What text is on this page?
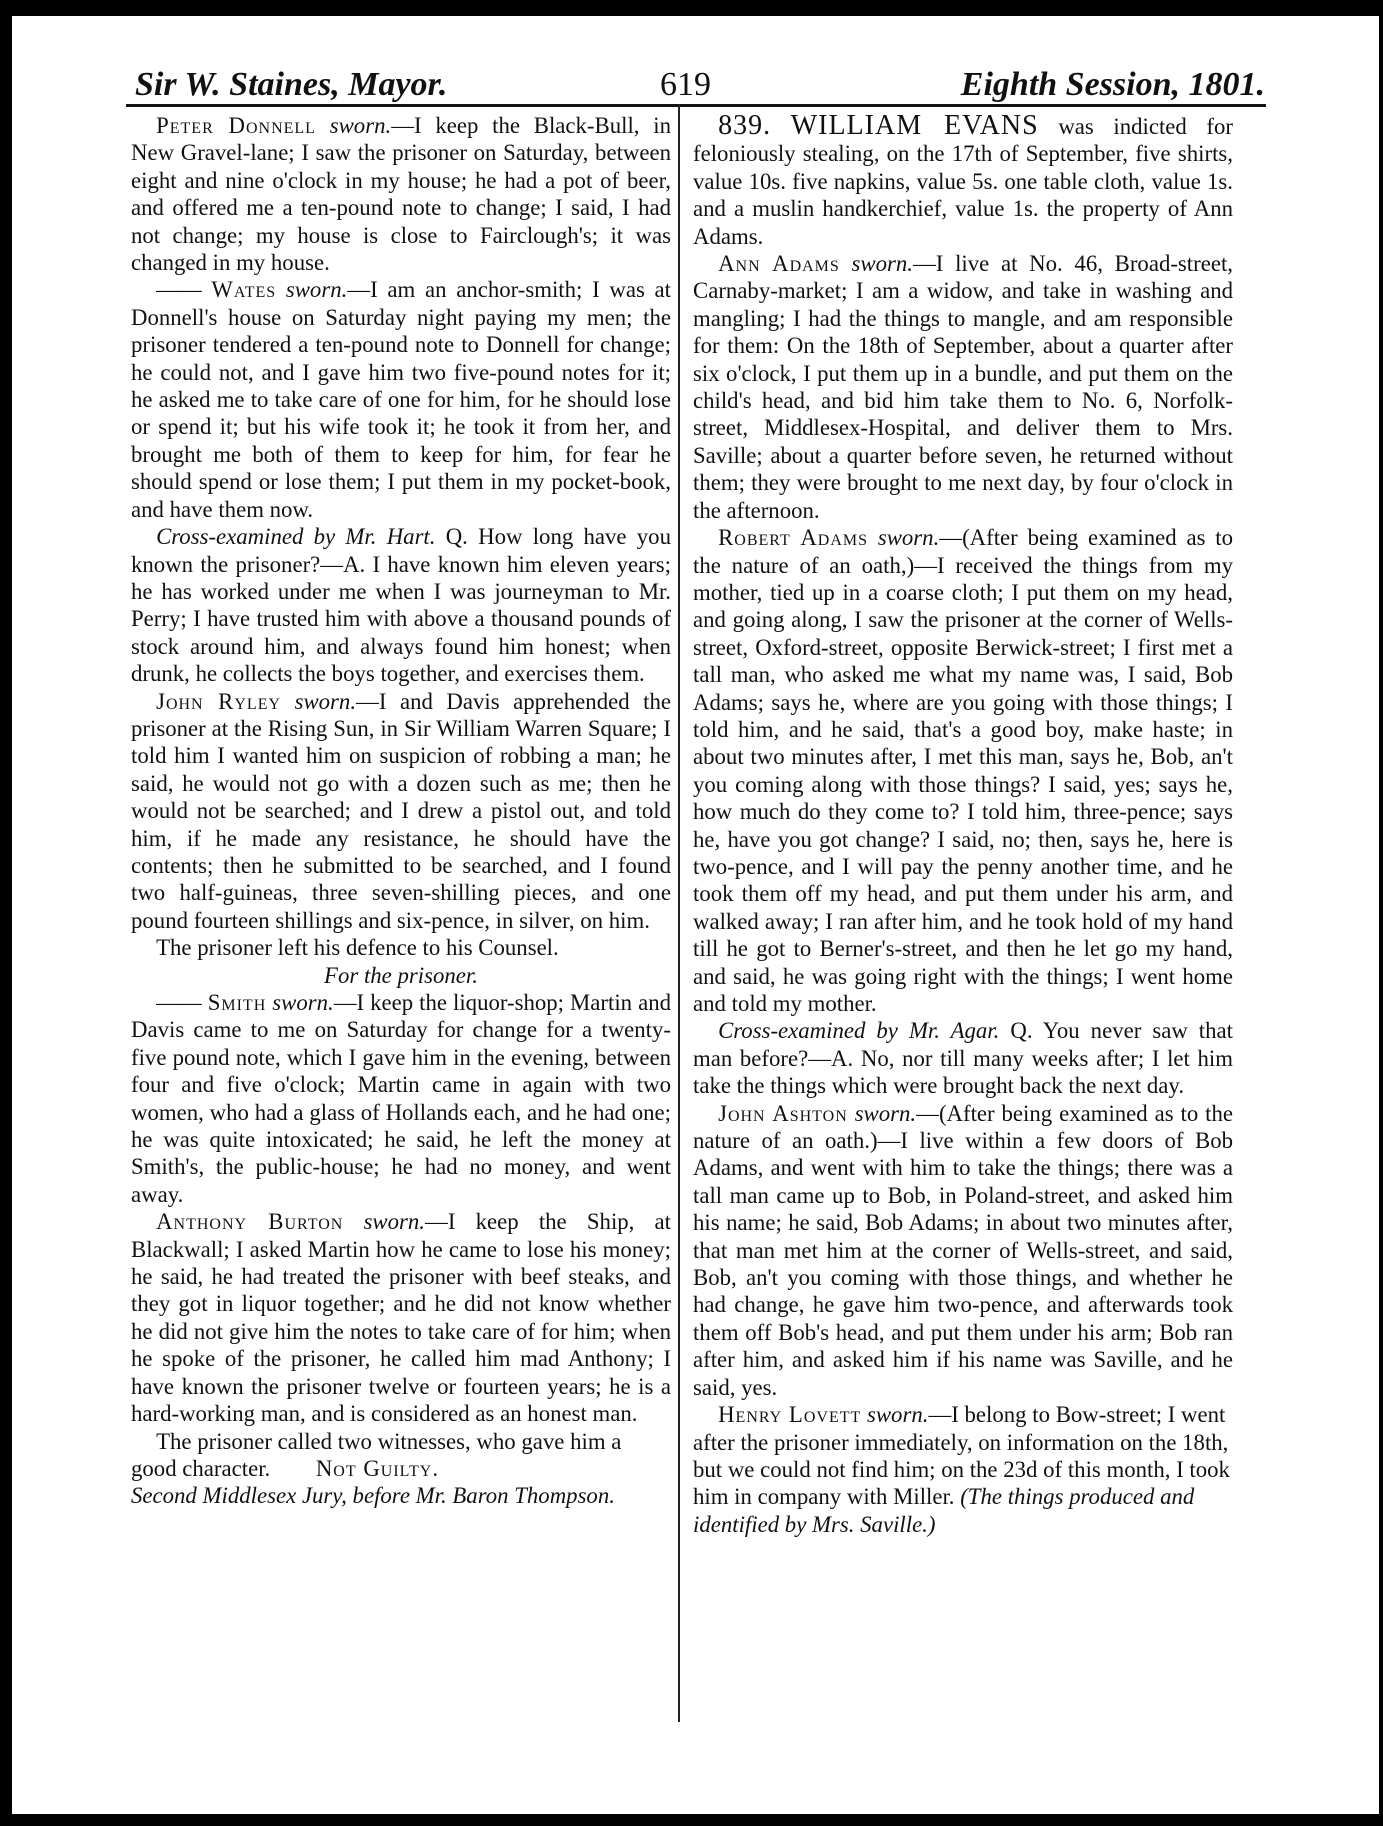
Sir W. Staines, Mayor.	619	Eighth Session, 1801.

Peter Donnell sworn.—I keep the Black-Bull, in New Gravel-lane; I saw the prisoner on Saturday, between eight and nine o'clock in my house; he had a pot of beer, and offered me a ten-pound note to change; I said, I had not change; my house is close to Fairclough's; it was changed in my house.

—— Wates sworn.—I am an anchor-smith; I was at Donnell's house on Saturday night paying my men; the prisoner tendered a ten-pound note to Donnell for change; he could not, and I gave him two five-pound notes for it; he asked me to take care of one for him, for he should lose or spend it; but his wife took it; he took it from her, and brought me both of them to keep for him, for fear he should spend or lose them; I put them in my pocket-book, and have them now.

Cross-examined by Mr. Hart. Q. How long have you known the prisoner?—A. I have known him eleven years; he has worked under me when I was journeyman to Mr. Perry; I have trusted him with above a thousand pounds of stock around him, and always found him honest; when drunk, he collects the boys together, and exercises them.

John Ryley sworn.—I and Davis apprehended the prisoner at the Rising Sun, in Sir William Warren Square; I told him I wanted him on suspicion of robbing a man; he said, he would not go with a dozen such as me; then he would not be searched; and I drew a pistol out, and told him, if he made any resistance, he should have the contents; then he submitted to be searched, and I found two half-guineas, three seven-shilling pieces, and one pound fourteen shillings and six-pence, in silver, on him.

The prisoner left his defence to his Counsel.

For the prisoner.

—— Smith sworn.—I keep the liquor-shop; Martin and Davis came to me on Saturday for change for a twenty-five pound note, which I gave him in the evening, between four and five o'clock; Martin came in again with two women, who had a glass of Hollands each, and he had one; he was quite intoxicated; he said, he left the money at Smith's, the public-house; he had no money, and went away.

Anthony Burton sworn.—I keep the Ship, at Blackwall; I asked Martin how he came to lose his money; he said, he had treated the prisoner with beef steaks, and they got in liquor together; and he did not know whether he did not give him the notes to take care of for him; when he spoke of the prisoner, he called him mad Anthony; I have known the prisoner twelve or fourteen years; he is a hard-working man, and is considered as an honest man.

The prisoner called two witnesses, who gave him a good character. Not Guilty.

Second Middlesex Jury, before Mr. Baron Thompson.

839. WILLIAM EVANS was indicted for feloniously stealing, on the 17th of September, five shirts, value 10s. five napkins, value 5s. one table cloth, value 1s. and a muslin handkerchief, value 1s. the property of Ann Adams.

Ann Adams sworn.—I live at No. 46, Broad-street, Carnaby-market; I am a widow, and take in washing and mangling; I had the things to mangle, and am responsible for them: On the 18th of September, about a quarter after six o'clock, I put them up in a bundle, and put them on the child's head, and bid him take them to No. 6, Norfolk-street, Middlesex-Hospital, and deliver them to Mrs. Saville; about a quarter before seven, he returned without them; they were brought to me next day, by four o'clock in the afternoon.

Robert Adams sworn.—(After being examined as to the nature of an oath,)—I received the things from my mother, tied up in a coarse cloth; I put them on my head, and going along, I saw the prisoner at the corner of Wells-street, Oxford-street, opposite Berwick-street; I first met a tall man, who asked me what my name was, I said, Bob Adams; says he, where are you going with those things; I told him, and he said, that's a good boy, make haste; in about two minutes after, I met this man, says he, Bob, an't you coming along with those things? I said, yes; says he, how much do they come to? I told him, three-pence; says he, have you got change? I said, no; then, says he, here is two-pence, and I will pay the penny another time, and he took them off my head, and put them under his arm, and walked away; I ran after him, and he took hold of my hand till he got to Berner's-street, and then he let go my hand, and said, he was going right with the things; I went home and told my mother.

Cross-examined by Mr. Agar. Q. You never saw that man before?—A. No, nor till many weeks after; I let him take the things which were brought back the next day.

John Ashton sworn.—(After being examined as to the nature of an oath.)—I live within a few doors of Bob Adams, and went with him to take the things; there was a tall man came up to Bob, in Poland-street, and asked him his name; he said, Bob Adams; in about two minutes after, that man met him at the corner of Wells-street, and said, Bob, an't you coming with those things, and whether he had change, he gave him two-pence, and afterwards took them off Bob's head, and put them under his arm; Bob ran after him, and asked him if his name was Saville, and he said, yes.

Henry Lovett sworn.—I belong to Bow-street; I went after the prisoner immediately, on information on the 18th, but we could not find him; on the 23d of this month, I took him in company with Miller. (The things produced and identified by Mrs. Saville.)
